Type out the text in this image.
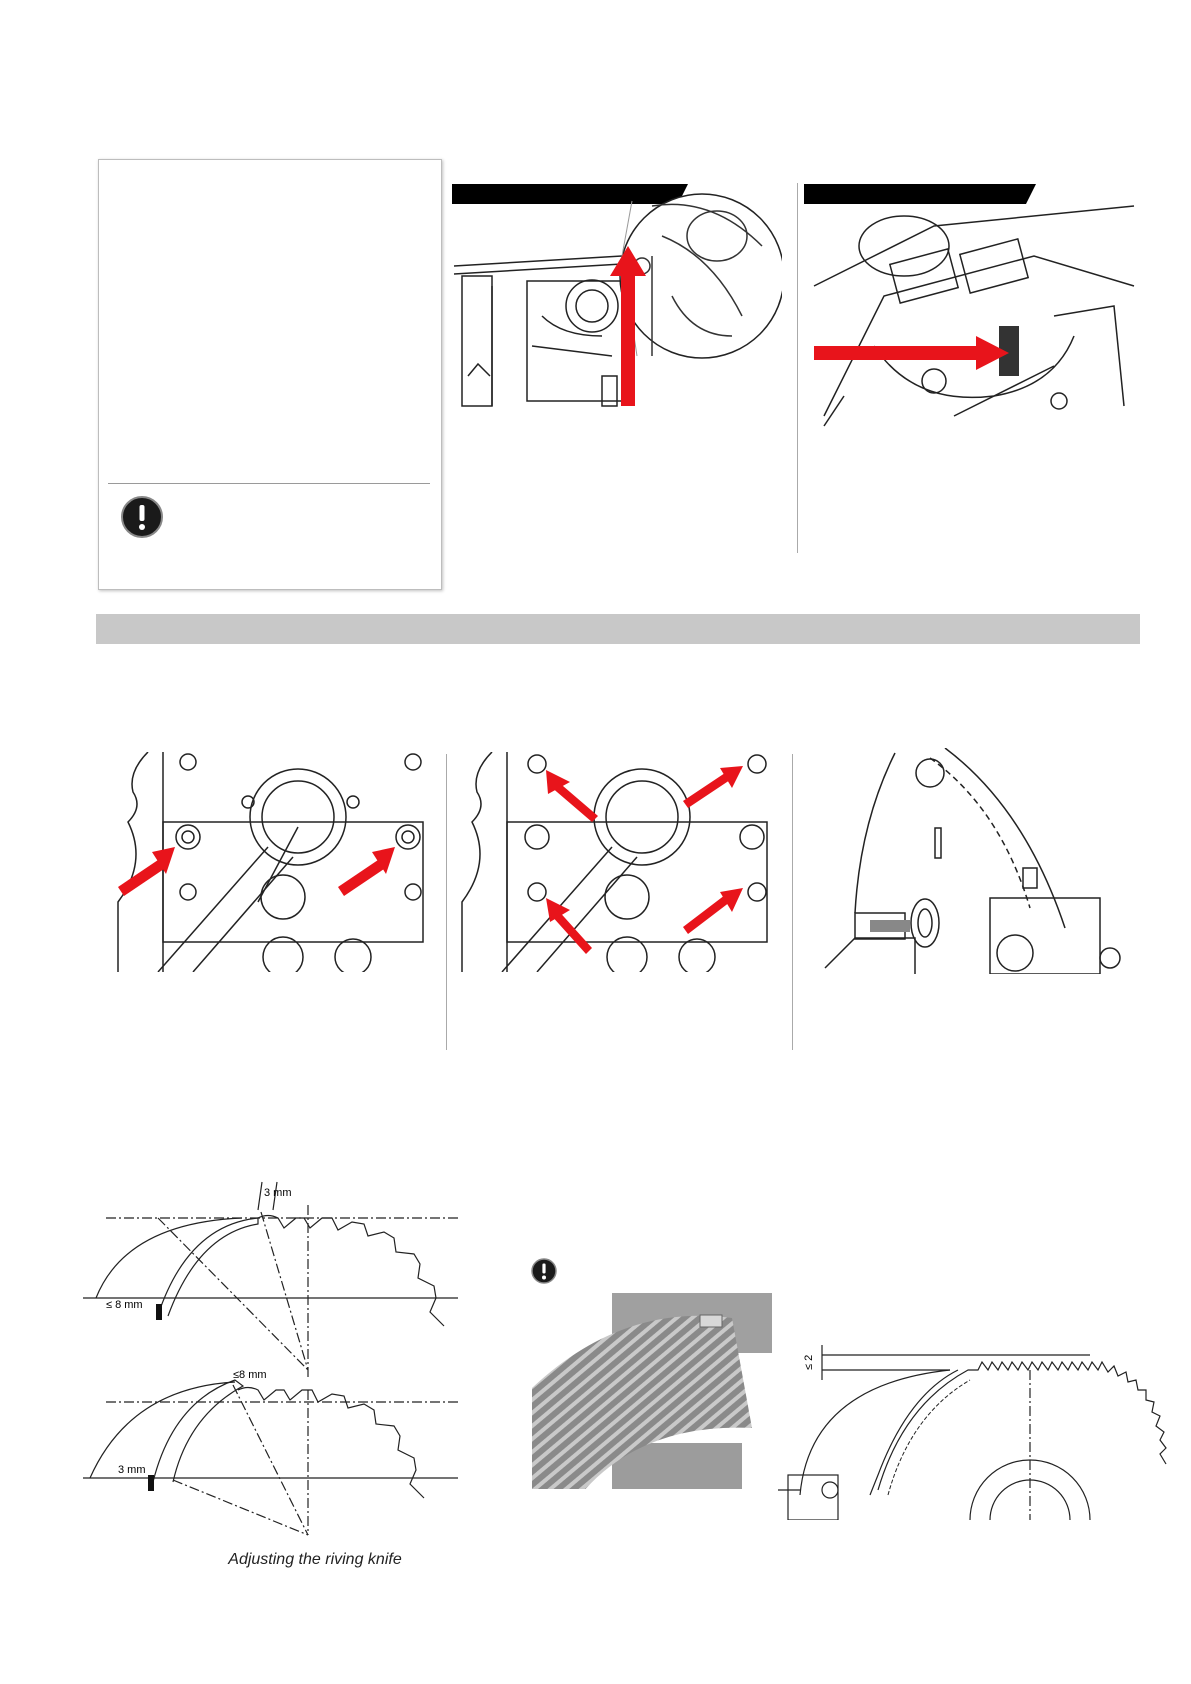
3 mm
≤ 8 mm
≤8 mm
3 mm
Adjusting the riving knife
≤ 2
